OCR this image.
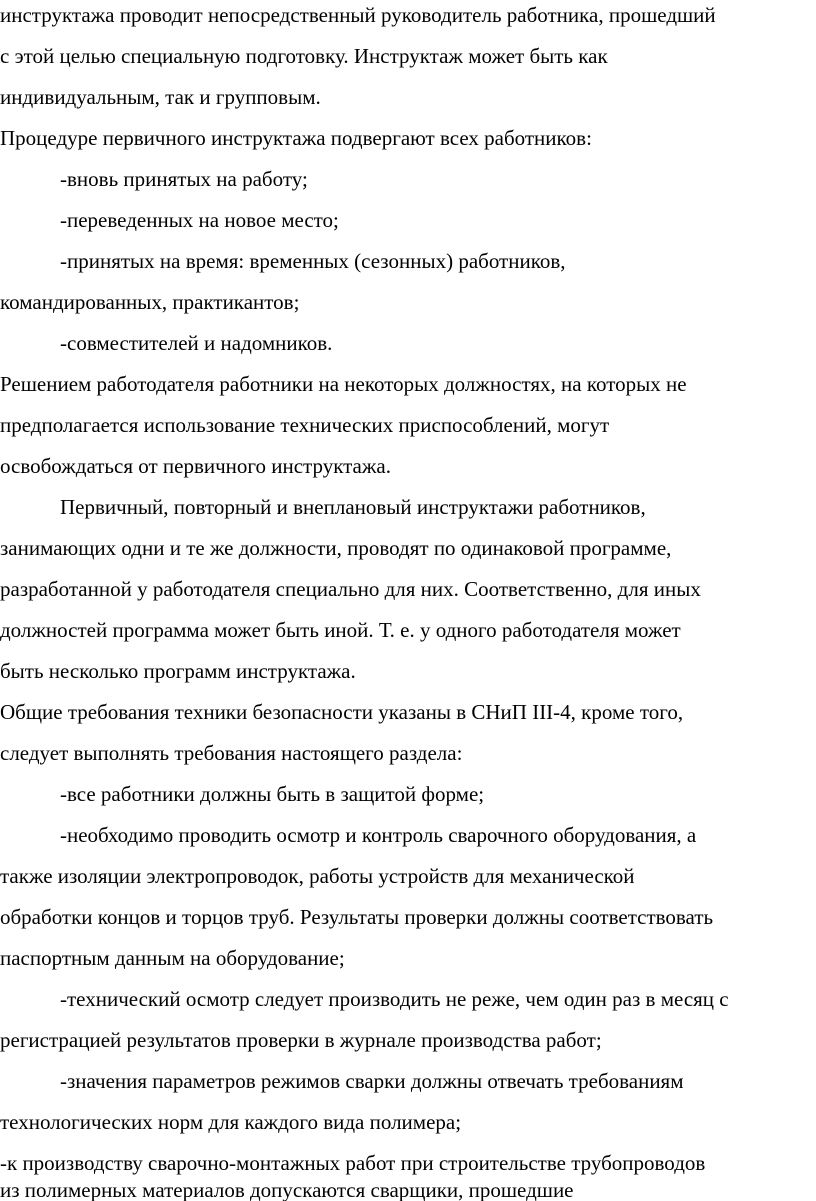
инструктажа проводит непосредственный руководитель работника, прошедший
с этой целью специальную подготовку. Инструктаж может быть как
индивидуальным, так и групповым.
Процедуре первичного инструктажа подвергают всех работников:
-вновь принятых на работу;
-переведенных на новое место;
-принятых на время: временных (сезонных) работников,
командированных, практикантов;
-совместителей и надомников.
Решением работодателя работники на некоторых должностях, на которых не
предполагается использование технических приспособлений, могут
освобождаться от первичного инструктажа.
Первичный, повторный и внеплановый инструктажи работников,
занимающих одни и те же должности, проводят по одинаковой программе,
разработанной у работодателя специально для них. Соответственно, для иных
должностей программа может быть иной. Т. е. у одного работодателя может
быть несколько программ инструктажа.
Общие требования техники безопасности указаны в СНиП III-4, кроме того,
следует выполнять требования настоящего раздела:
-все работники должны быть в защитой форме;
-необходимо проводить осмотр и контроль сварочного оборудования, а
также изоляции электропроводок, работы устройств для механической
обработки концов и торцов труб. Результаты проверки должны соответствовать
паспортным данным на оборудование;
-технический осмотр следует производить не реже, чем один раз в месяц с
регистрацией результатов проверки в журнале производства работ;
-значения параметров режимов сварки должны отвечать требованиям
технологических норм для каждого вида полимера;
-к производству сварочно-монтажных работ при строительстве трубопроводов
из полимерных материалов допускаются сварщики, прошедшие
